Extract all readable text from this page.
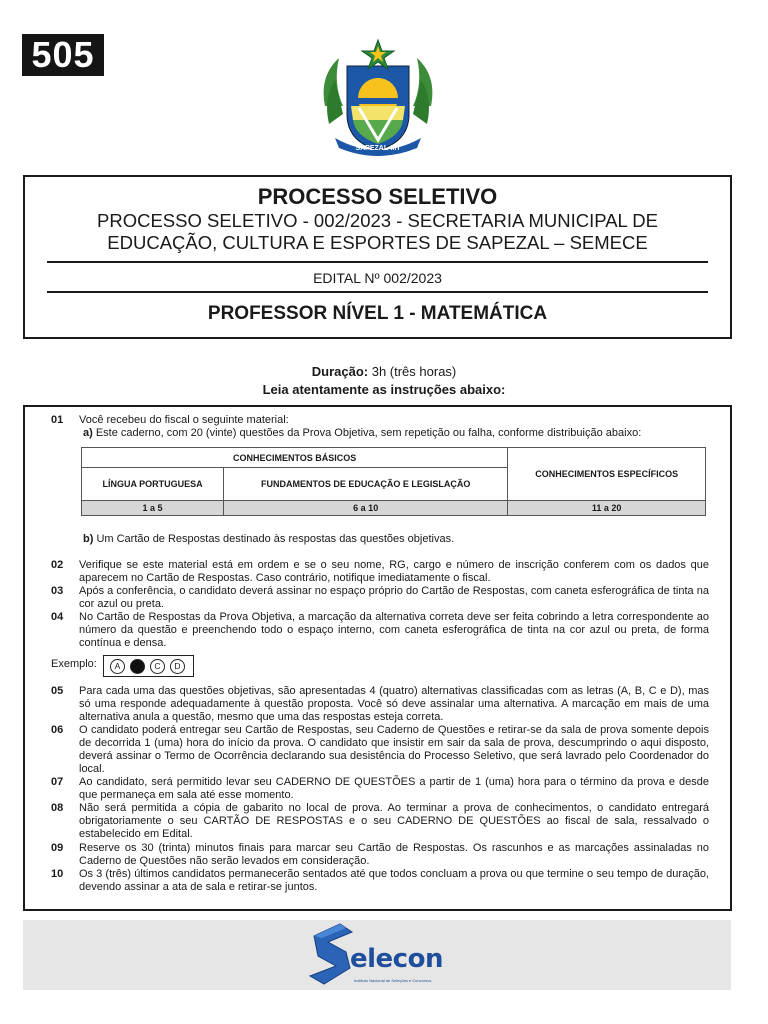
505
SAPEZAL-MT
PROCESSO SELETIVO
PROCESSO SELETIVO - 002/2023 - SECRETARIA MUNICIPAL DE
EDUCAÇÃO, CULTURA E ESPORTES DE SAPEZAL – SEMECE
EDITAL Nº 002/2023
PROFESSOR NÍVEL 1 - MATEMÁTICA
Duração: 3h (três horas)
Leia atentamente as instruções abaixo:
01	Você recebeu do fiscal o seguinte material:
a) Este caderno, com 20 (vinte) questões da Prova Objetiva, sem repetição ou falha, conforme distribuição abaixo:
CONHECIMENTOS BÁSICOS		CONHECIMENTOS ESPECÍFICOS
LÍNGUA PORTUGUESA	FUNDAMENTOS DE EDUCAÇÃO E LEGISLAÇÃO	
1 a 5	6 a 10	11 a 20
b) Um Cartão de Respostas destinado às respostas das questões objetivas.
02	Verifique se este material está em ordem e se o seu nome, RG, cargo e número de inscrição conferem com os dados que aparecem no Cartão de Respostas. Caso contrário, notifique imediatamente o fiscal.
03	Após a conferência, o candidato deverá assinar no espaço próprio do Cartão de Respostas, com caneta esferográfica de tinta na cor azul ou preta.
04	No Cartão de Respostas da Prova Objetiva, a marcação da alternativa correta deve ser feita cobrindo a letra correspondente ao número da questão e preenchendo todo o espaço interno, com caneta esferográfica de tinta na cor azul ou preta, de forma contínua e densa.
Exemplo:	A	B	C	D
05	Para cada uma das questões objetivas, são apresentadas 4 (quatro) alternativas classificadas com as letras (A, B, C e D), mas só uma responde adequadamente à questão proposta. Você só deve assinalar uma alternativa. A marcação em mais de uma alternativa anula a questão, mesmo que uma das respostas esteja correta.
06	O candidato poderá entregar seu Cartão de Respostas, seu Caderno de Questões e retirar-se da sala de prova somente depois de decorrida 1 (uma) hora do início da prova. O candidato que insistir em sair da sala de prova, descumprindo o aqui disposto, deverá assinar o Termo de Ocorrência declarando sua desistência do Processo Seletivo, que será lavrado pelo Coordenador do local.
07	Ao candidato, será permitido levar seu CADERNO DE QUESTÕES a partir de 1 (uma) hora para o término da prova e desde que permaneça em sala até esse momento.
08	Não será permitida a cópia de gabarito no local de prova. Ao terminar a prova de conhecimentos, o candidato entregará obrigatoriamente o seu CARTÃO DE RESPOSTAS e o seu CADERNO DE QUESTÕES ao fiscal de sala, ressalvado o estabelecido em Edital.
09	Reserve os 30 (trinta) minutos finais para marcar seu Cartão de Respostas. Os rascunhos e as marcações assinaladas no Caderno de Questões não serão levados em consideração.
10	Os 3 (três) últimos candidatos permanecerão sentados até que todos concluam a prova ou que termine o seu tempo de duração, devendo assinar a ata de sala e retirar-se juntos.
elecon
Instituto Nacional de Seleções e Concursos
